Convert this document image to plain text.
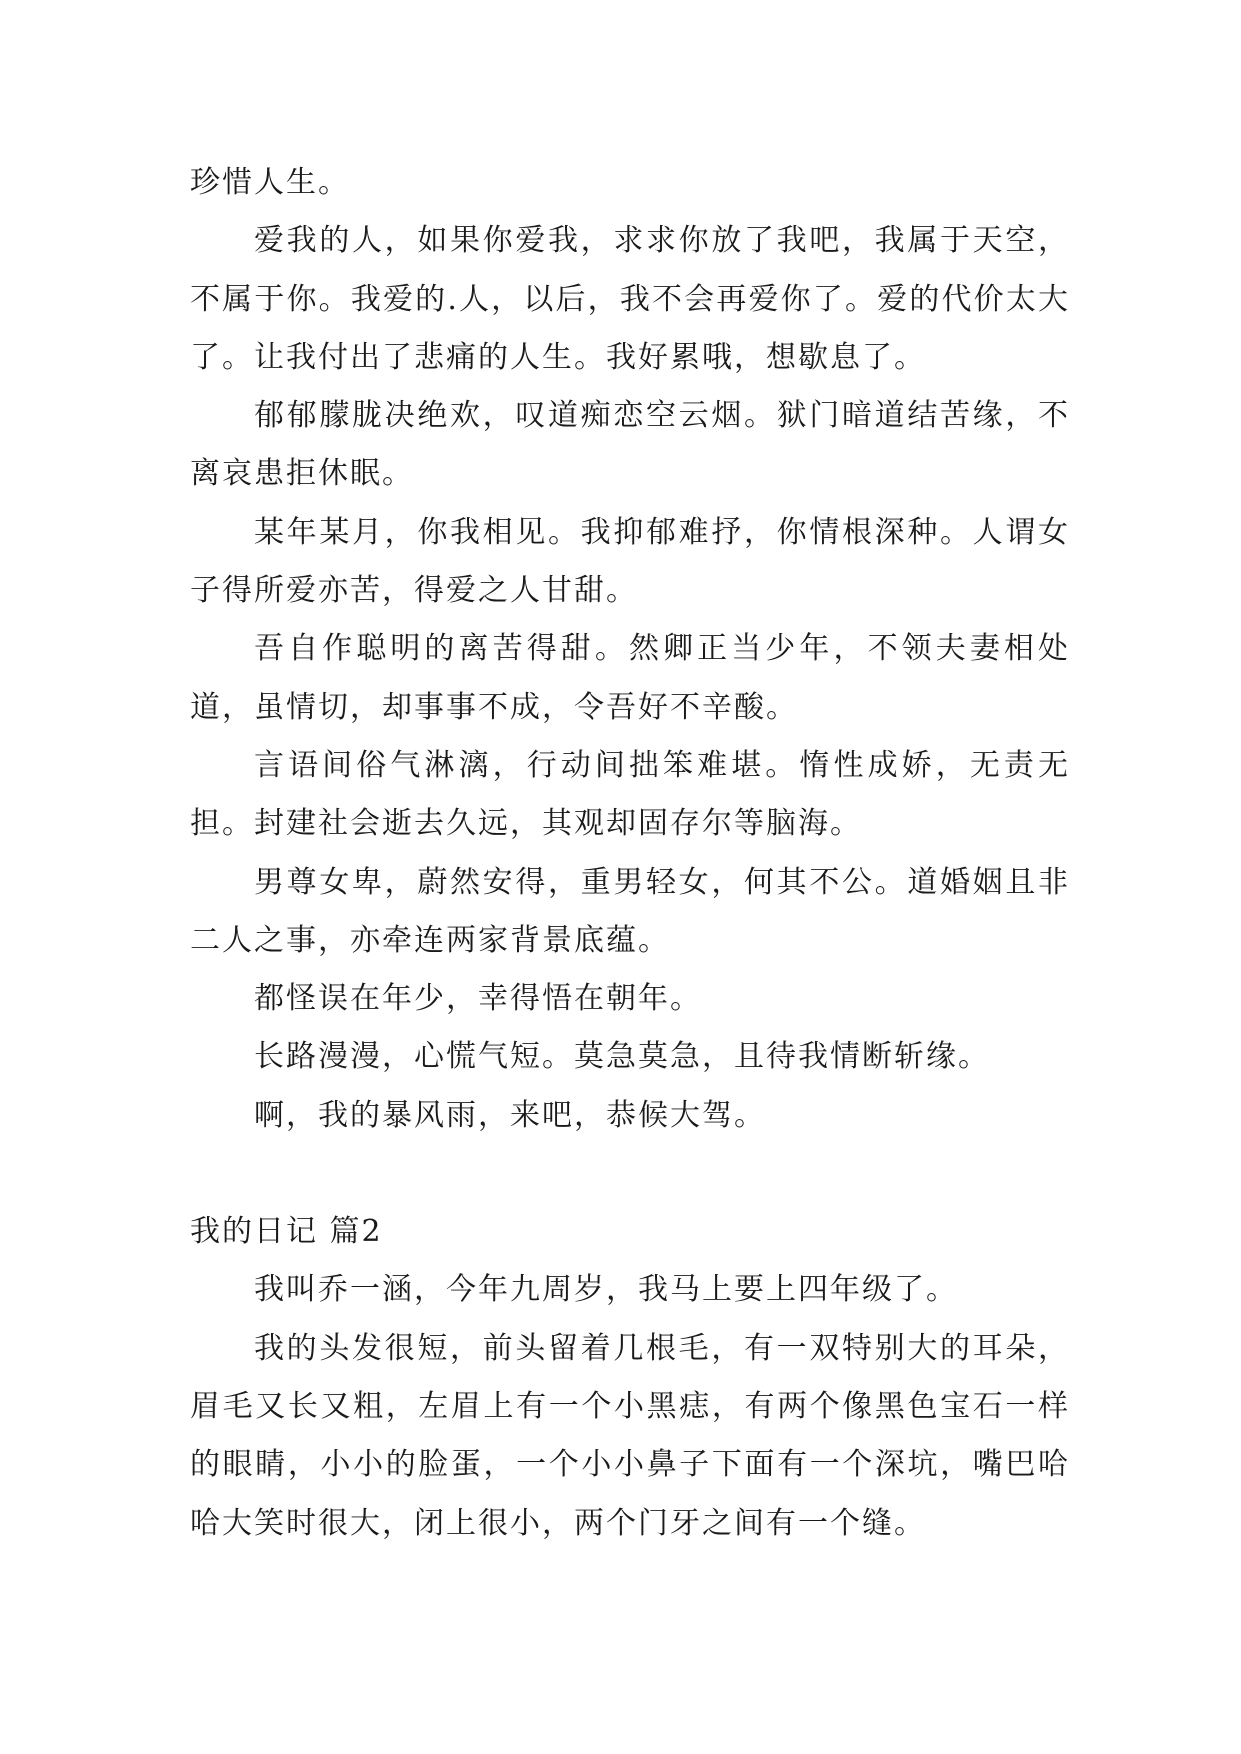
珍惜人生。

爱我的人，如果你爱我，求求你放了我吧，我属于天空，不属于你。我爱的.人，以后，我不会再爱你了。爱的代价太大了。让我付出了悲痛的人生。我好累哦，想歇息了。

郁郁朦胧决绝欢，叹道痴恋空云烟。狱门暗道结苦缘，不离哀患拒休眠。

某年某月，你我相见。我抑郁难抒，你情根深种。人谓女子得所爱亦苦，得爱之人甘甜。

吾自作聪明的离苦得甜。然卿正当少年，不领夫妻相处道，虽情切，却事事不成，令吾好不辛酸。

言语间俗气淋漓，行动间拙笨难堪。惰性成娇，无责无担。封建社会逝去久远，其观却固存尔等脑海。

男尊女卑，蔚然安得，重男轻女，何其不公。道婚姻且非二人之事，亦牵连两家背景底蕴。

都怪误在年少，幸得悟在朝年。

长路漫漫，心慌气短。莫急莫急，且待我情断斩缘。

啊，我的暴风雨，来吧，恭候大驾。

我的日记 篇2

我叫乔一涵，今年九周岁，我马上要上四年级了。

我的头发很短，前头留着几根毛，有一双特别大的耳朵，眉毛又长又粗，左眉上有一个小黑痣，有两个像黑色宝石一样的眼睛，小小的脸蛋，一个小小鼻子下面有一个深坑，嘴巴哈哈大笑时很大，闭上很小，两个门牙之间有一个缝。
